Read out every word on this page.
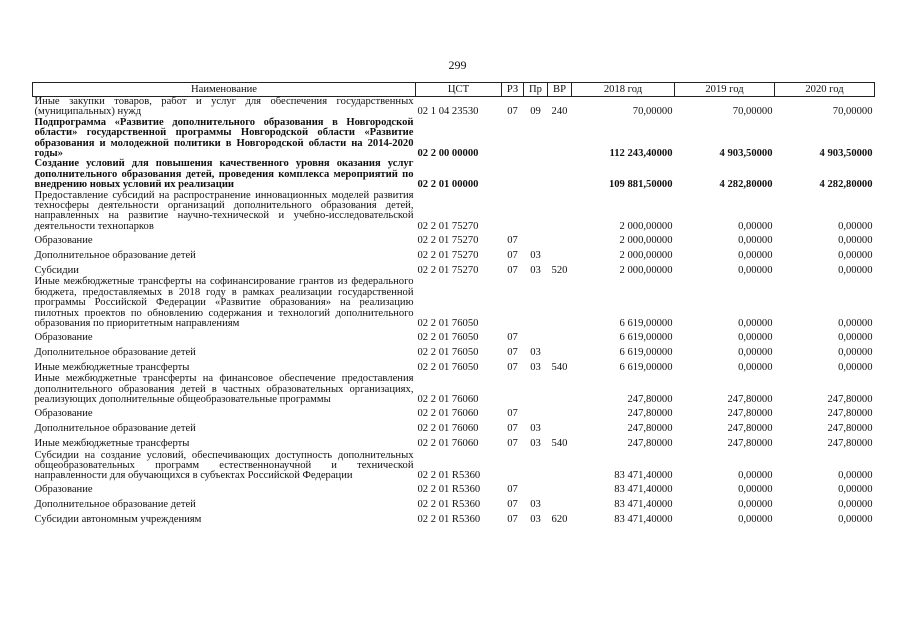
299
Наименование	ЦСТ	РЗ	Пр	ВР	2018 год	2019 год	2020 год
Иные закупки товаров, работ и услуг для обеспечения государственных (муниципальных) нужд	02 1 04 23530	07	09	240	70,00000	70,00000	70,00000
Подпрограмма «Развитие дополнительного образования в Новгородской области» государственной программы Новгородской области «Развитие образования и молодежной политики в Новгородской области на 2014-2020 годы»	02 2 00 00000				112 243,40000	4 903,50000	4 903,50000
Создание условий для повышения качественного уровня оказания услуг дополнительного образования детей, проведения комплекса мероприятий по внедрению новых условий их реализации	02 2 01 00000				109 881,50000	4 282,80000	4 282,80000
Предоставление субсидий на распространение инновационных моделей развития техносферы деятельности организаций дополнительного образования детей, направленных на развитие научно-технической и учебно-исследовательской деятельности технопарков	02 2 01 75270				2 000,00000	0,00000	0,00000
Образование	02 2 01 75270	07			2 000,00000	0,00000	0,00000
Дополнительное образование детей	02 2 01 75270	07	03		2 000,00000	0,00000	0,00000
Субсидии	02 2 01 75270	07	03	520	2 000,00000	0,00000	0,00000
Иные межбюджетные трансферты на софинансирование грантов из федерального бюджета, предоставляемых в 2018 году в рамках реализации государственной программы Российской Федерации «Развитие образования» на реализацию пилотных проектов по обновлению содержания и технологий дополнительного образования по приоритетным направлениям	02 2 01 76050				6 619,00000	0,00000	0,00000
Образование	02 2 01 76050	07			6 619,00000	0,00000	0,00000
Дополнительное образование детей	02 2 01 76050	07	03		6 619,00000	0,00000	0,00000
Иные межбюджетные трансферты	02 2 01 76050	07	03	540	6 619,00000	0,00000	0,00000
Иные межбюджетные трансферты на финансовое обеспечение предоставления дополнительного образования детей в частных образовательных организациях, реализующих дополнительные общеобразовательные программы	02 2 01 76060				247,80000	247,80000	247,80000
Образование	02 2 01 76060	07			247,80000	247,80000	247,80000
Дополнительное образование детей	02 2 01 76060	07	03		247,80000	247,80000	247,80000
Иные межбюджетные трансферты	02 2 01 76060	07	03	540	247,80000	247,80000	247,80000
Субсидии на создание условий, обеспечивающих доступность дополнительных общеобразовательных программ естественнонаучной и технической направленности для обучающихся в субъектах Российской Федерации	02 2 01 R5360				83 471,40000	0,00000	0,00000
Образование	02 2 01 R5360	07			83 471,40000	0,00000	0,00000
Дополнительное образование детей	02 2 01 R5360	07	03		83 471,40000	0,00000	0,00000
Субсидии автономным учреждениям	02 2 01 R5360	07	03	620	83 471,40000	0,00000	0,00000
